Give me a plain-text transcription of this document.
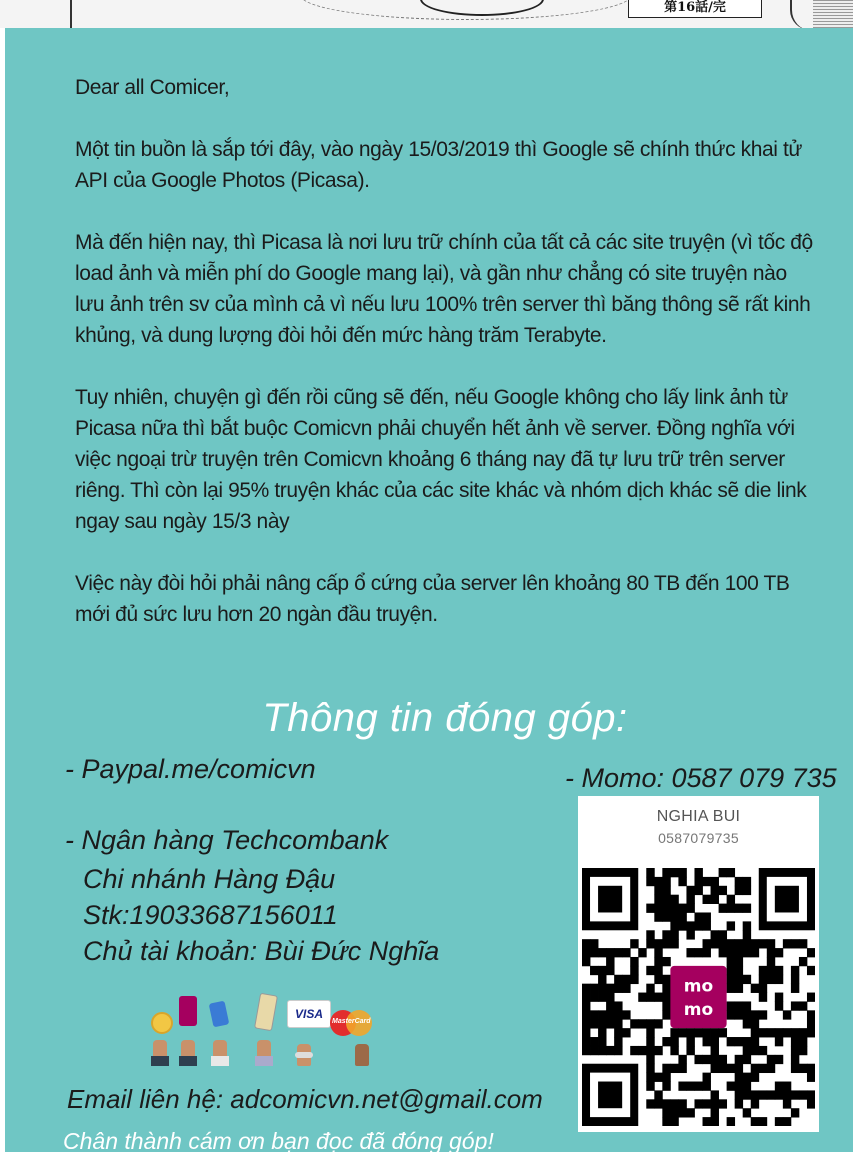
第16話/完

Dear all Comicer,

Một tin buồn là sắp tới đây, vào ngày 15/03/2019 thì Google sẽ chính thức khai tử API của Google Photos (Picasa).

Mà đến hiện nay, thì Picasa là nơi lưu trữ chính của tất cả các site truyện (vì tốc độ load ảnh và miễn phí do Google mang lại), và gần như chẳng có site truyện nào lưu ảnh trên sv của mình cả vì nếu lưu 100% trên server thì băng thông sẽ rất kinh khủng, và dung lượng đòi hỏi đến mức hàng trăm Terabyte.

Tuy nhiên, chuyện gì đến rồi cũng sẽ đến, nếu Google không cho lấy link ảnh từ Picasa nữa thì bắt buộc Comicvn phải chuyển hết ảnh về server. Đồng nghĩa với việc ngoại trừ truyện trên Comicvn khoảng 6 tháng nay đã tự lưu trữ trên server riêng. Thì còn lại 95% truyện khác của các site khác và nhóm dịch khác sẽ die link ngay sau ngày 15/3 này

Việc này đòi hỏi phải nâng cấp ổ cứng của server lên khoảng 80 TB đến 100 TB mới đủ sức lưu hơn 20 ngàn đầu truyện.

Thông tin đóng góp:
- Paypal.me/comicvn	- Momo: 0587 079 735
- Ngân hàng Techcombank
Chi nhánh Hàng Đậu
Stk:19033687156011
Chủ tài khoản: Bùi Đức Nghĩa
VISA
MasterCard
Email liên hệ: adcomicvn.net@gmail.com
Chân thành cám ơn bạn đọc đã đóng góp!
NGHIA BUI
0587079735
mo
mo
